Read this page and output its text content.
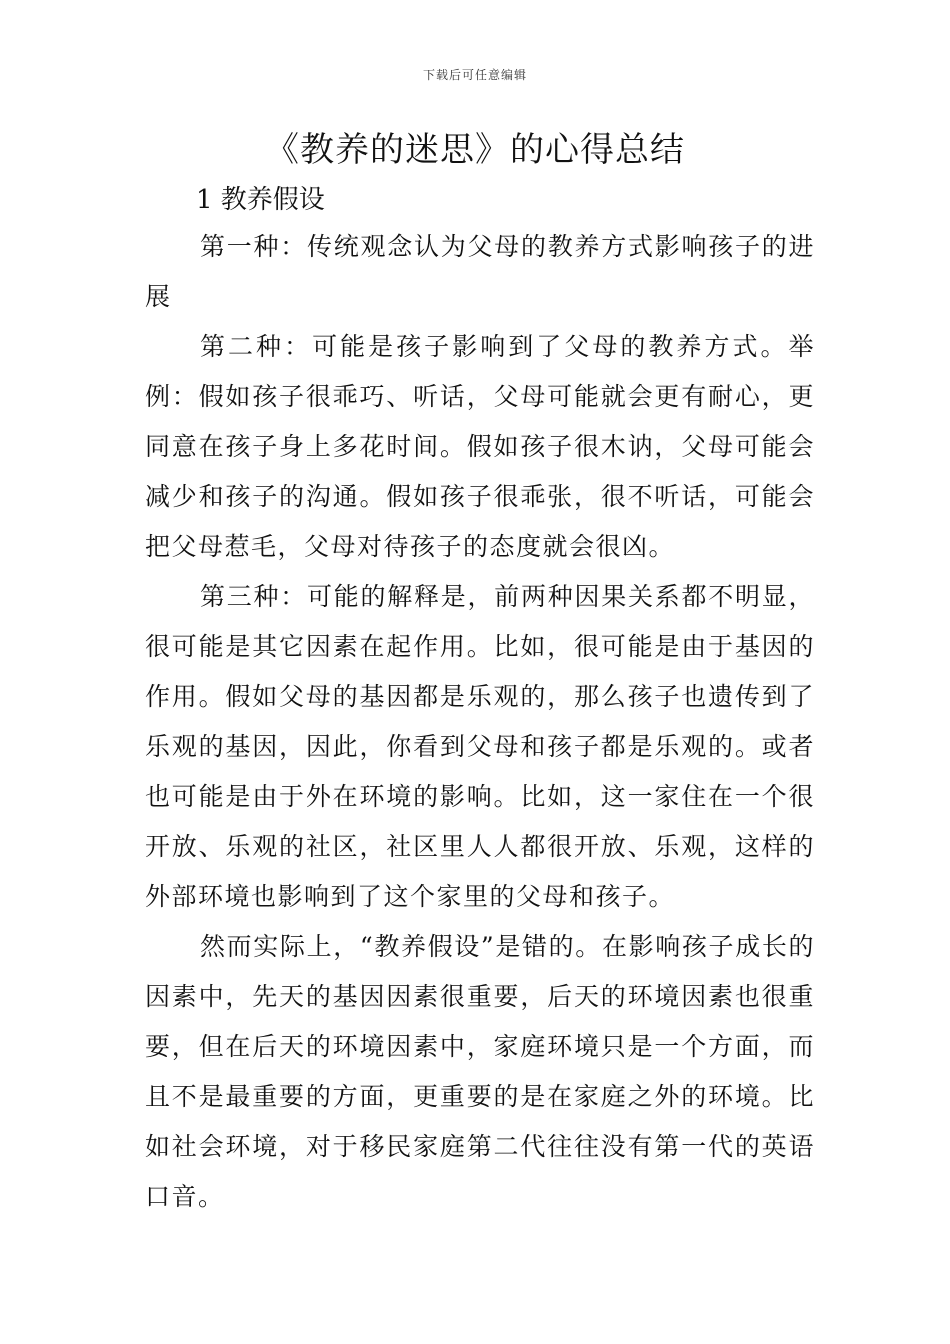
下载后可任意编辑
《教养的迷思》的心得总结
1 教养假设

第一种：传统观念认为父母的教养方式影响孩子的进展

第二种：可能是孩子影响到了父母的教养方式。举例：假如孩子很乖巧、听话，父母可能就会更有耐心，更同意在孩子身上多花时间。假如孩子很木讷，父母可能会减少和孩子的沟通。假如孩子很乖张，很不听话，可能会把父母惹毛，父母对待孩子的态度就会很凶。

第三种：可能的解释是，前两种因果关系都不明显，很可能是其它因素在起作用。比如，很可能是由于基因的作用。假如父母的基因都是乐观的，那么孩子也遗传到了乐观的基因，因此，你看到父母和孩子都是乐观的。或者也可能是由于外在环境的影响。比如，这一家住在一个很开放、乐观的社区，社区里人人都很开放、乐观，这样的外部环境也影响到了这个家里的父母和孩子。

然而实际上，“教养假设”是错的。在影响孩子成长的因素中，先天的基因因素很重要，后天的环境因素也很重要，但在后天的环境因素中，家庭环境只是一个方面，而且不是最重要的方面，更重要的是在家庭之外的环境。比如社会环境，对于移民家庭第二代往往没有第一代的英语口音。
